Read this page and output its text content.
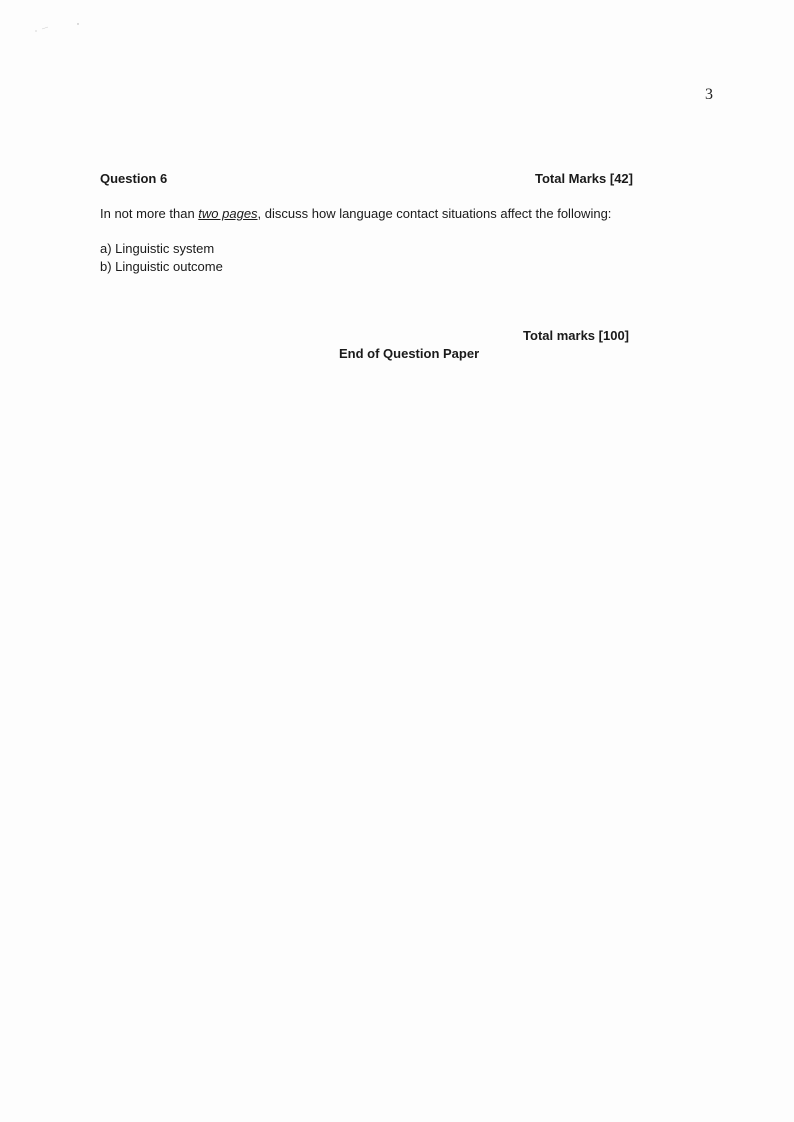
3
Question 6	Total Marks [42]
In not more than two pages, discuss how language contact situations affect the following:
a) Linguistic system
b) Linguistic outcome
Total marks [100]
End of Question Paper
